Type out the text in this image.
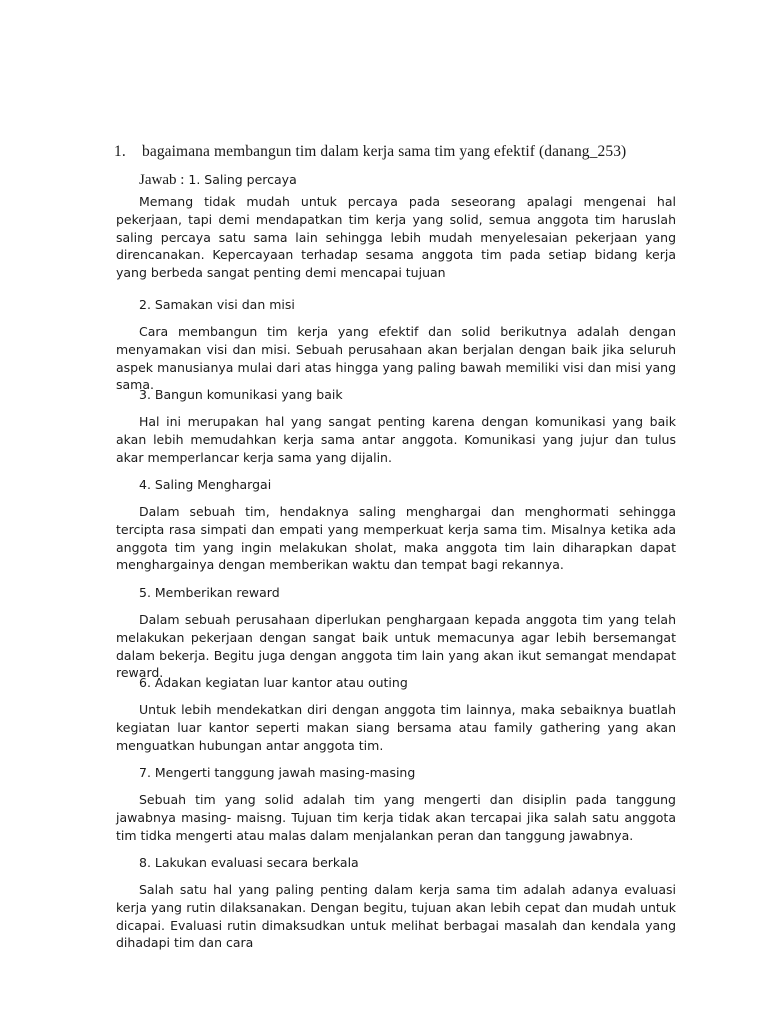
1. bagaimana membangun tim dalam kerja sama tim yang efektif (danang_253)
Jawab : 1. Saling percaya

Memang tidak mudah untuk percaya pada seseorang apalagi mengenai hal pekerjaan, tapi demi mendapatkan tim kerja yang solid, semua anggota tim haruslah saling percaya satu sama lain sehingga lebih mudah menyelesaian pekerjaan yang direncanakan. Kepercayaan terhadap sesama anggota tim pada setiap bidang kerja yang berbeda sangat penting demi mencapai tujuan

2. Samakan visi dan misi

Cara membangun tim kerja yang efektif dan solid berikutnya adalah dengan menyamakan visi dan misi. Sebuah perusahaan akan berjalan dengan baik jika seluruh aspek manusianya mulai dari atas hingga yang paling bawah memiliki visi dan misi yang sama.

3. Bangun komunikasi yang baik

Hal ini merupakan hal yang sangat penting karena dengan komunikasi yang baik akan lebih memudahkan kerja sama antar anggota. Komunikasi yang jujur dan tulus akar memperlancar kerja sama yang dijalin.

4. Saling Menghargai

Dalam sebuah tim, hendaknya saling menghargai dan menghormati sehingga tercipta rasa simpati dan empati yang memperkuat kerja sama tim. Misalnya ketika ada anggota tim yang ingin melakukan sholat, maka anggota tim lain diharapkan dapat menghargainya dengan memberikan waktu dan tempat bagi rekannya.

5. Memberikan reward

Dalam sebuah perusahaan diperlukan penghargaan kepada anggota tim yang telah melakukan pekerjaan dengan sangat baik untuk memacunya agar lebih bersemangat dalam bekerja. Begitu juga dengan anggota tim lain yang akan ikut semangat mendapat reward.

6. Adakan kegiatan luar kantor atau outing

Untuk lebih mendekatkan diri dengan anggota tim lainnya, maka sebaiknya buatlah kegiatan luar kantor seperti makan siang bersama atau family gathering yang akan menguatkan hubungan antar anggota tim.

7. Mengerti tanggung jawah masing-masing

Sebuah tim yang solid adalah tim yang mengerti dan disiplin pada tanggung jawabnya masing- maisng. Tujuan tim kerja tidak akan tercapai jika salah satu anggota tim tidka mengerti atau malas dalam menjalankan peran dan tanggung jawabnya.

8. Lakukan evaluasi secara berkala

Salah satu hal yang paling penting dalam kerja sama tim adalah adanya evaluasi kerja yang rutin dilaksanakan. Dengan begitu, tujuan akan lebih cepat dan mudah untuk dicapai. Evaluasi rutin dimaksudkan untuk melihat berbagai masalah dan kendala yang dihadapi tim dan cara
